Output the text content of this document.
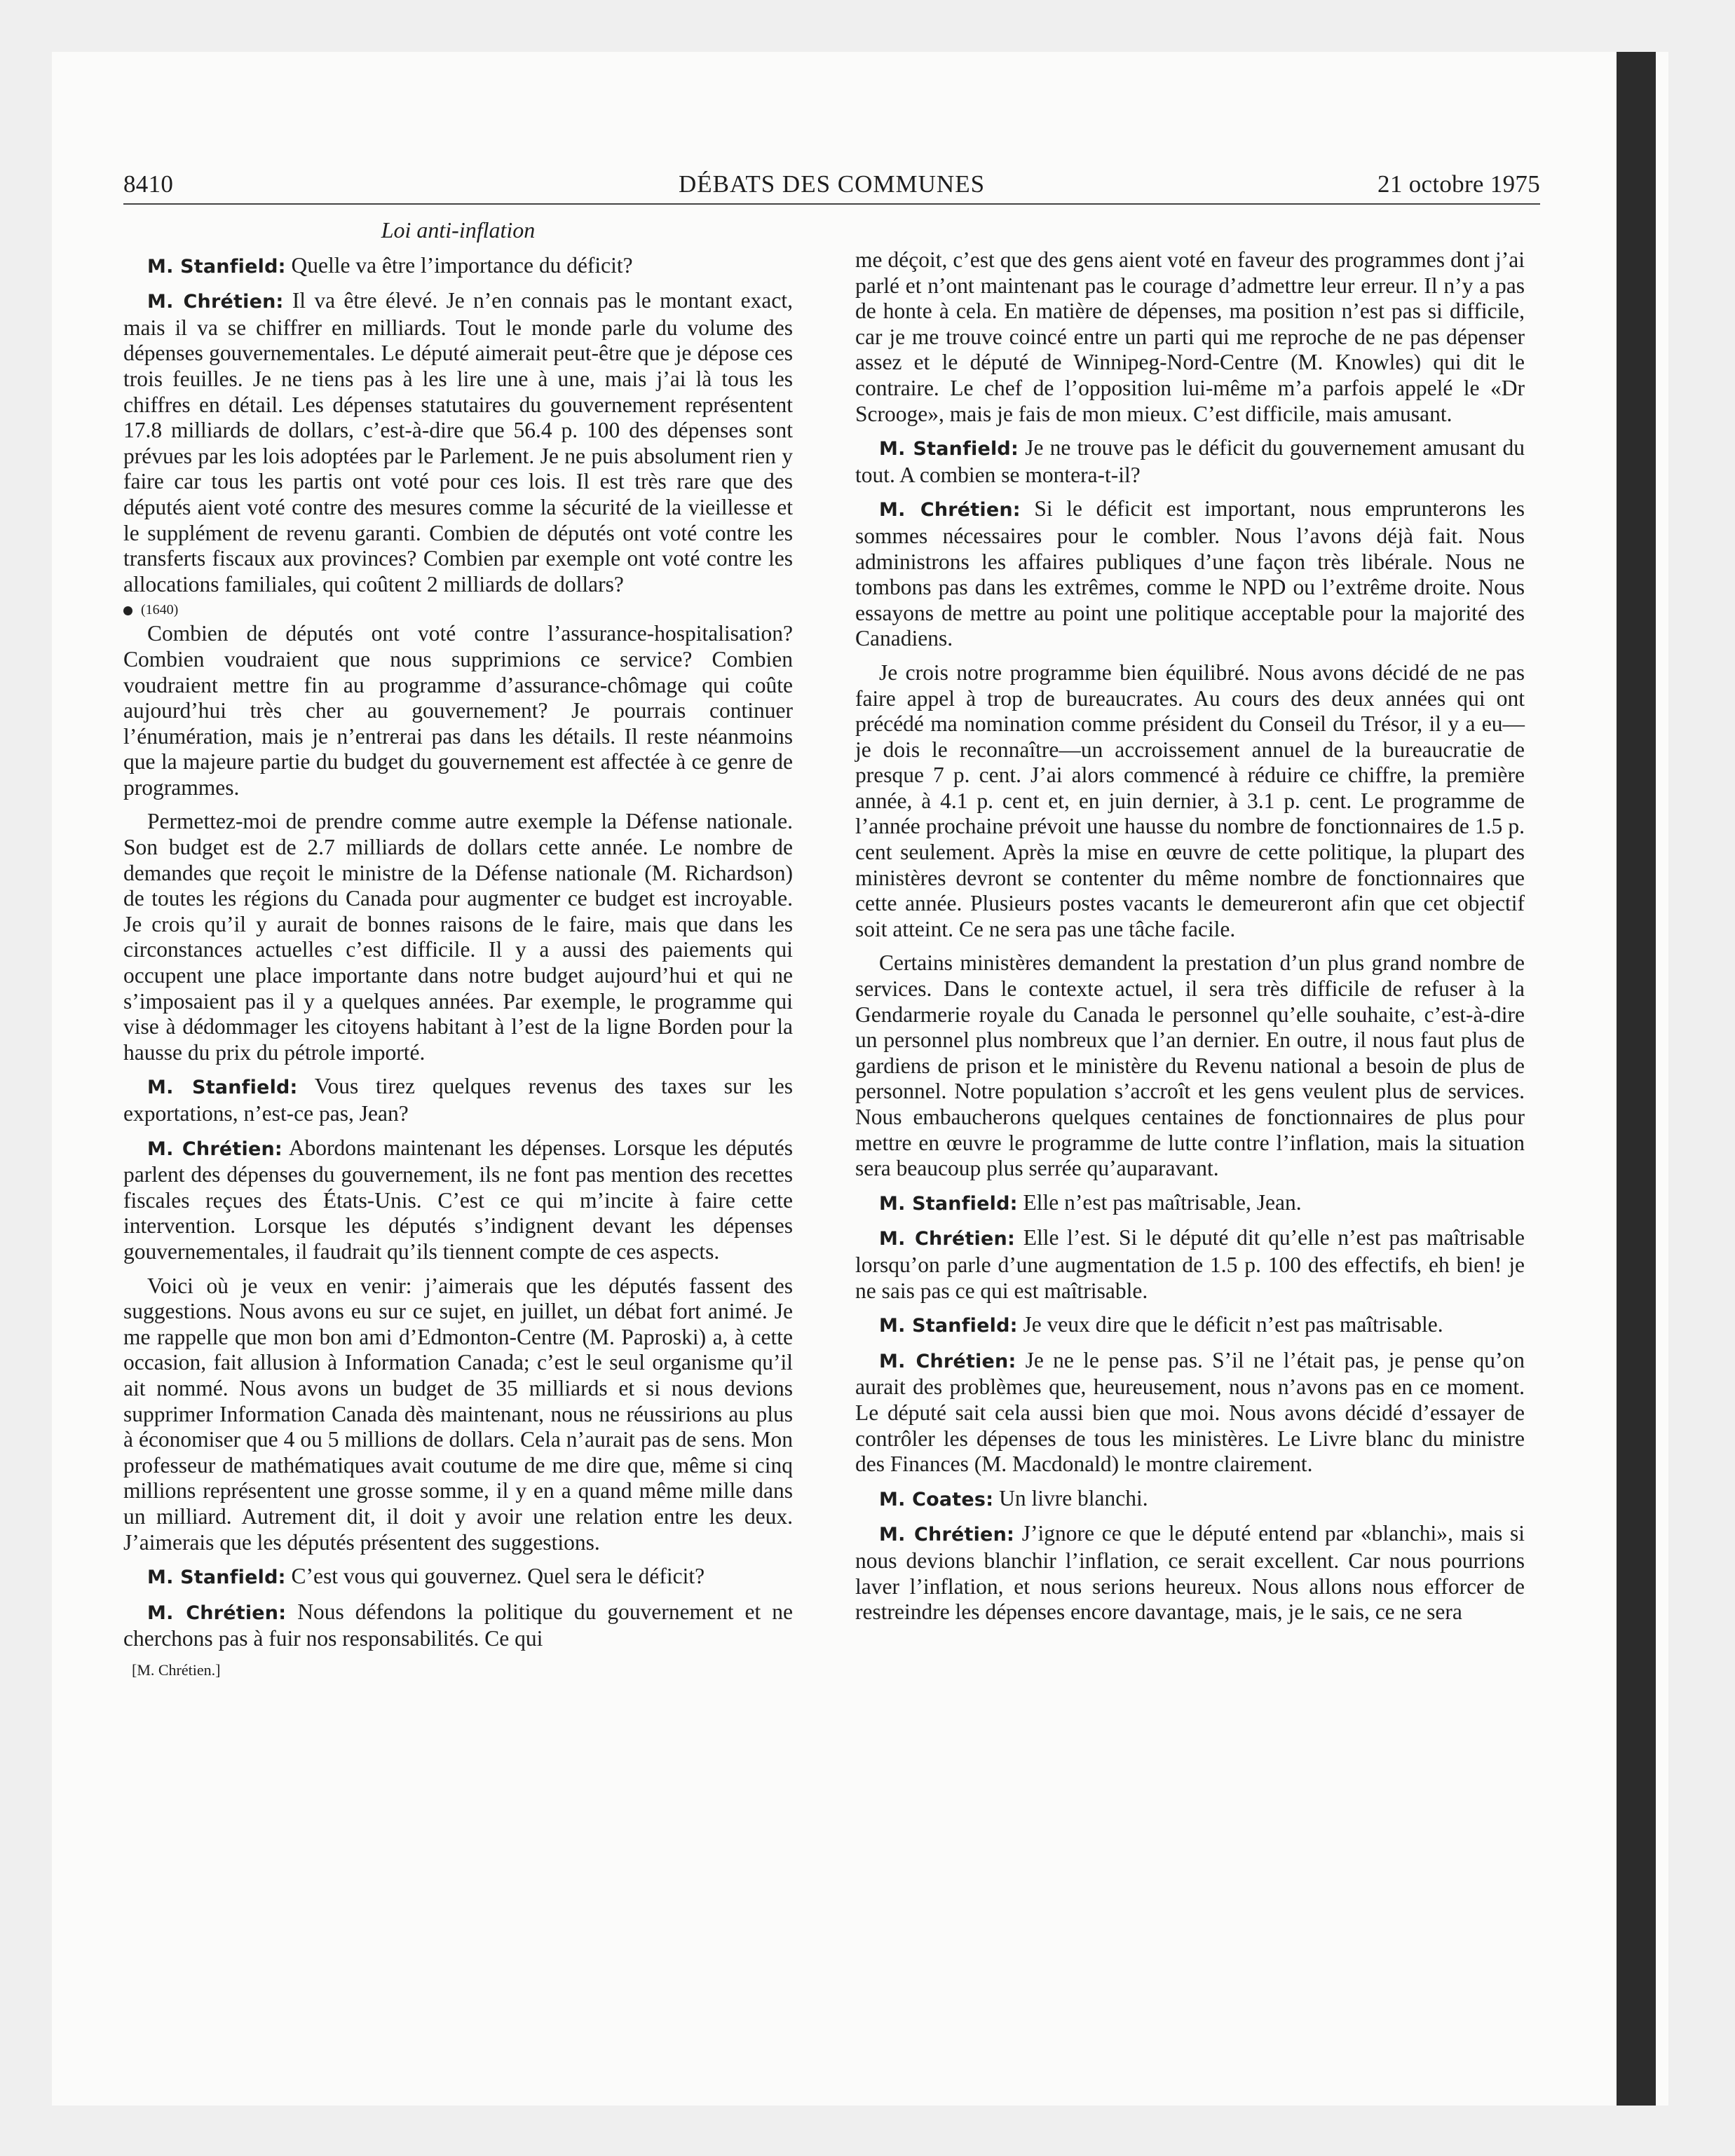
8410	DÉBATS DES COMMUNES	21 octobre 1975
Loi anti-inflation

M. Stanfield: Quelle va être l’importance du déficit?

M. Chrétien: Il va être élevé. Je n’en connais pas le montant exact, mais il va se chiffrer en milliards. Tout le monde parle du volume des dépenses gouvernementales. Le député aimerait peut-être que je dépose ces trois feuilles. Je ne tiens pas à les lire une à une, mais j’ai là tous les chiffres en détail. Les dépenses statutaires du gouvernement représentent 17.8 milliards de dollars, c’est-à-dire que 56.4 p. 100 des dépenses sont prévues par les lois adoptées par le Parlement. Je ne puis absolument rien y faire car tous les partis ont voté pour ces lois. Il est très rare que des députés aient voté contre des mesures comme la sécurité de la vieillesse et le supplément de revenu garanti. Combien de députés ont voté contre les transferts fiscaux aux provinces? Combien par exemple ont voté contre les allocations familiales, qui coûtent 2 milliards de dollars?

(1640)

Combien de députés ont voté contre l’assurance-hospitalisation? Combien voudraient que nous supprimions ce service? Combien voudraient mettre fin au programme d’assurance-chômage qui coûte aujourd’hui très cher au gouvernement? Je pourrais continuer l’énumération, mais je n’entrerai pas dans les détails. Il reste néanmoins que la majeure partie du budget du gouvernement est affectée à ce genre de programmes.

Permettez-moi de prendre comme autre exemple la Défense nationale. Son budget est de 2.7 milliards de dollars cette année. Le nombre de demandes que reçoit le ministre de la Défense nationale (M. Richardson) de toutes les régions du Canada pour augmenter ce budget est incroyable. Je crois qu’il y aurait de bonnes raisons de le faire, mais que dans les circonstances actuelles c’est difficile. Il y a aussi des paiements qui occupent une place importante dans notre budget aujourd’hui et qui ne s’imposaient pas il y a quelques années. Par exemple, le programme qui vise à dédommager les citoyens habitant à l’est de la ligne Borden pour la hausse du prix du pétrole importé.

M. Stanfield: Vous tirez quelques revenus des taxes sur les exportations, n’est-ce pas, Jean?

M. Chrétien: Abordons maintenant les dépenses. Lorsque les députés parlent des dépenses du gouvernement, ils ne font pas mention des recettes fiscales reçues des États-Unis. C’est ce qui m’incite à faire cette intervention. Lorsque les députés s’indignent devant les dépenses gouvernementales, il faudrait qu’ils tiennent compte de ces aspects.

Voici où je veux en venir: j’aimerais que les députés fassent des suggestions. Nous avons eu sur ce sujet, en juillet, un débat fort animé. Je me rappelle que mon bon ami d’Edmonton-Centre (M. Paproski) a, à cette occasion, fait allusion à Information Canada; c’est le seul organisme qu’il ait nommé. Nous avons un budget de 35 milliards et si nous devions supprimer Information Canada dès maintenant, nous ne réussirions au plus à économiser que 4 ou 5 millions de dollars. Cela n’aurait pas de sens. Mon professeur de mathématiques avait coutume de me dire que, même si cinq millions représentent une grosse somme, il y en a quand même mille dans un milliard. Autrement dit, il doit y avoir une relation entre les deux. J’aimerais que les députés présentent des suggestions.

M. Stanfield: C’est vous qui gouvernez. Quel sera le déficit?

M. Chrétien: Nous défendons la politique du gouvernement et ne cherchons pas à fuir nos responsabilités. Ce qui

[M. Chrétien.]

me déçoit, c’est que des gens aient voté en faveur des programmes dont j’ai parlé et n’ont maintenant pas le courage d’admettre leur erreur. Il n’y a pas de honte à cela. En matière de dépenses, ma position n’est pas si difficile, car je me trouve coincé entre un parti qui me reproche de ne pas dépenser assez et le député de Winnipeg-Nord-Centre (M. Knowles) qui dit le contraire. Le chef de l’opposition lui-même m’a parfois appelé le «Dr Scrooge», mais je fais de mon mieux. C’est difficile, mais amusant.

M. Stanfield: Je ne trouve pas le déficit du gouvernement amusant du tout. A combien se montera-t-il?

M. Chrétien: Si le déficit est important, nous emprunterons les sommes nécessaires pour le combler. Nous l’avons déjà fait. Nous administrons les affaires publiques d’une façon très libérale. Nous ne tombons pas dans les extrêmes, comme le NPD ou l’extrême droite. Nous essayons de mettre au point une politique acceptable pour la majorité des Canadiens.

Je crois notre programme bien équilibré. Nous avons décidé de ne pas faire appel à trop de bureaucrates. Au cours des deux années qui ont précédé ma nomination comme président du Conseil du Trésor, il y a eu—je dois le reconnaître—un accroissement annuel de la bureaucratie de presque 7 p. cent. J’ai alors commencé à réduire ce chiffre, la première année, à 4.1 p. cent et, en juin dernier, à 3.1 p. cent. Le programme de l’année prochaine prévoit une hausse du nombre de fonctionnaires de 1.5 p. cent seulement. Après la mise en œuvre de cette politique, la plupart des ministères devront se contenter du même nombre de fonctionnaires que cette année. Plusieurs postes vacants le demeureront afin que cet objectif soit atteint. Ce ne sera pas une tâche facile.

Certains ministères demandent la prestation d’un plus grand nombre de services. Dans le contexte actuel, il sera très difficile de refuser à la Gendarmerie royale du Canada le personnel qu’elle souhaite, c’est-à-dire un personnel plus nombreux que l’an dernier. En outre, il nous faut plus de gardiens de prison et le ministère du Revenu national a besoin de plus de personnel. Notre population s’accroît et les gens veulent plus de services. Nous embaucherons quelques centaines de fonctionnaires de plus pour mettre en œuvre le programme de lutte contre l’inflation, mais la situation sera beaucoup plus serrée qu’auparavant.

M. Stanfield: Elle n’est pas maîtrisable, Jean.

M. Chrétien: Elle l’est. Si le député dit qu’elle n’est pas maîtrisable lorsqu’on parle d’une augmentation de 1.5 p. 100 des effectifs, eh bien! je ne sais pas ce qui est maîtrisable.

M. Stanfield: Je veux dire que le déficit n’est pas maîtrisable.

M. Chrétien: Je ne le pense pas. S’il ne l’était pas, je pense qu’on aurait des problèmes que, heureusement, nous n’avons pas en ce moment. Le député sait cela aussi bien que moi. Nous avons décidé d’essayer de contrôler les dépenses de tous les ministères. Le Livre blanc du ministre des Finances (M. Macdonald) le montre clairement.

M. Coates: Un livre blanchi.

M. Chrétien: J’ignore ce que le député entend par «blanchi», mais si nous devions blanchir l’inflation, ce serait excellent. Car nous pourrions laver l’inflation, et nous serions heureux. Nous allons nous efforcer de restreindre les dépenses encore davantage, mais, je le sais, ce ne sera
